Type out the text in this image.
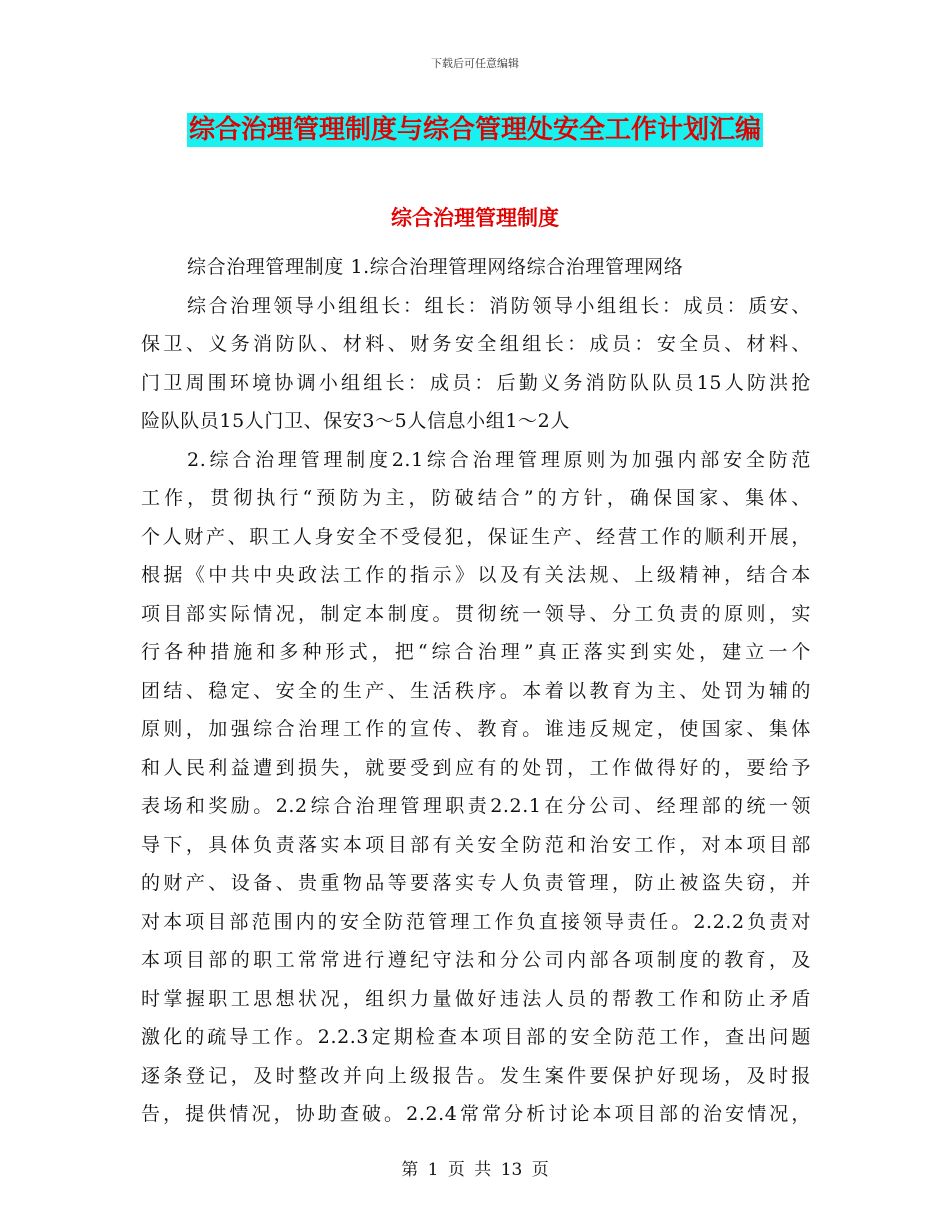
下载后可任意编辑
综合治理管理制度与综合管理处安全工作计划汇编
综合治理管理制度
综合治理管理制度 1.综合治理管理网络综合治理管理网络
综合治理领导小组组长：组长：消防领导小组组长：成员：质安、
保卫、义务消防队、材料、财务安全组组长：成员：安全员、材料、
门卫周围环境协调小组组长：成员：后勤义务消防队队员15人防洪抢
险队队员15人门卫、保安3～5人信息小组1～2人
2.综合治理管理制度2.1综合治理管理原则为加强内部安全防范
工作，贯彻执行“预防为主，防破结合”的方针，确保国家、集体、
个人财产、职工人身安全不受侵犯，保证生产、经营工作的顺利开展，
根据《中共中央政法工作的指示》以及有关法规、上级精神，结合本
项目部实际情况，制定本制度。贯彻统一领导、分工负责的原则，实
行各种措施和多种形式，把“综合治理”真正落实到实处，建立一个
团结、稳定、安全的生产、生活秩序。本着以教育为主、处罚为辅的
原则，加强综合治理工作的宣传、教育。谁违反规定，使国家、集体
和人民利益遭到损失，就要受到应有的处罚，工作做得好的，要给予
表场和奖励。2.2综合治理管理职责2.2.1在分公司、经理部的统一领
导下，具体负责落实本项目部有关安全防范和治安工作，对本项目部
的财产、设备、贵重物品等要落实专人负责管理，防止被盗失窃，并
对本项目部范围内的安全防范管理工作负直接领导责任。2.2.2负责对
本项目部的职工常常进行遵纪守法和分公司内部各项制度的教育，及
时掌握职工思想状况，组织力量做好违法人员的帮教工作和防止矛盾
激化的疏导工作。2.2.3定期检查本项目部的安全防范工作，查出问题
逐条登记，及时整改并向上级报告。发生案件要保护好现场，及时报
告，提供情况，协助查破。2.2.4常常分析讨论本项目部的治安情况，
第 1 页 共 13 页
